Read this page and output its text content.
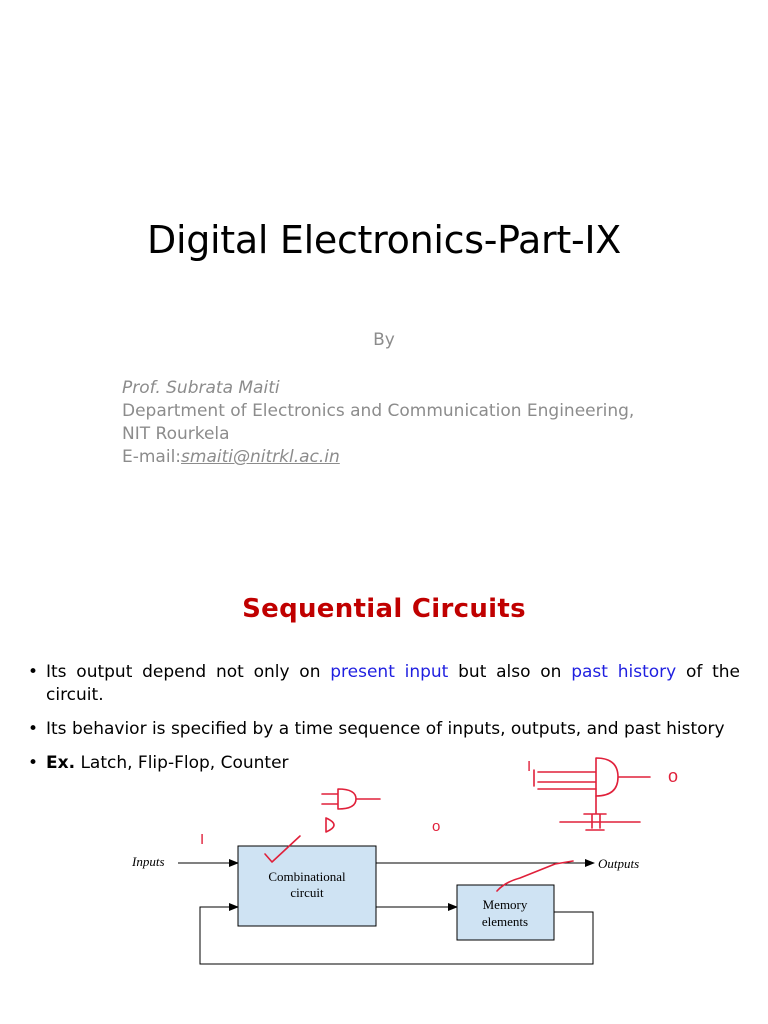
Digital Electronics-Part-IX
By
Prof. Subrata Maiti
Department of Electronics and Communication Engineering,
NIT Rourkela
E-mail:smaiti@nitrkl.ac.in
Sequential Circuits
• Its output depend not only on present input but also on past history of the circuit.
• Its behavior is specified by a time sequence of inputs, outputs, and past history
• Ex. Latch, Flip-Flop, Counter
Inputs	Outputs
Combinational
circuit
Memory
elements
I
I
o
o
